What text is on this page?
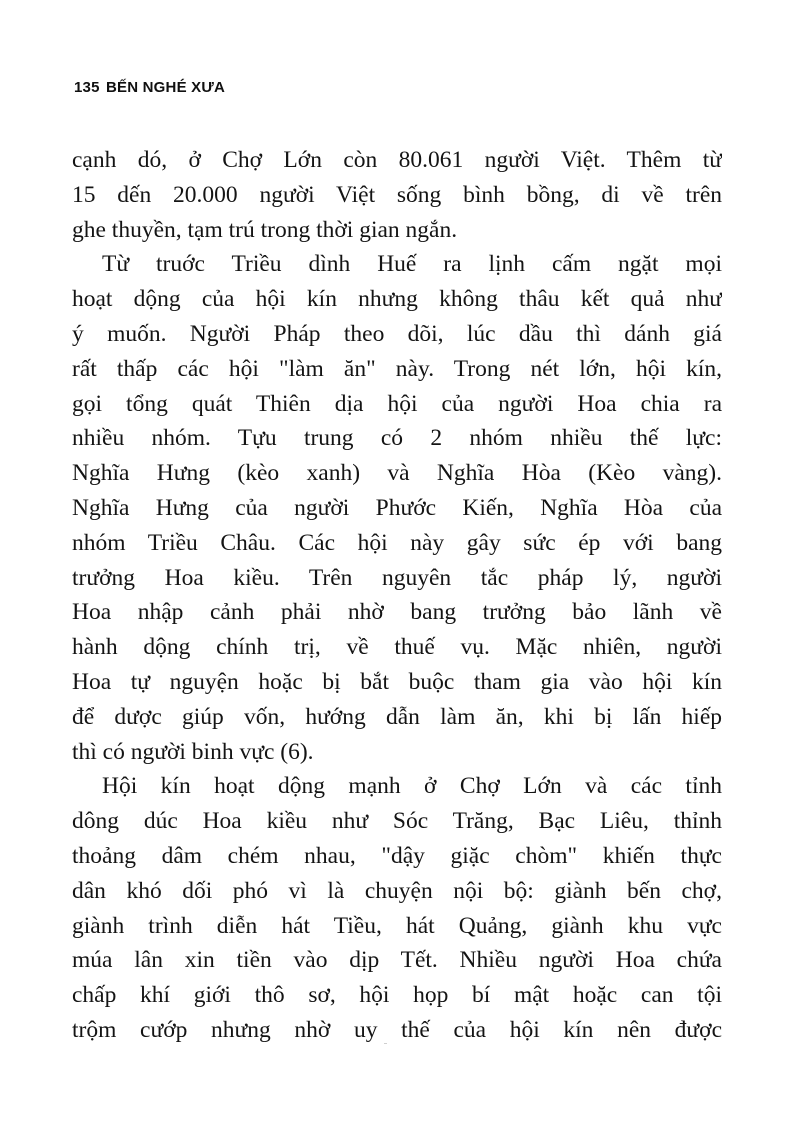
135 BẾN NGHÉ XƯA
cạnh dó, ở Chợ Lớn còn 80.061 người Việt. Thêm từ
15 dến 20.000 người Việt sống bình bồng, di về trên
ghe thuyền, tạm trú trong thời gian ngắn.
Từ truớc Triều dình Huế ra lịnh cấm ngặt mọi
hoạt dộng của hội kín nhưng không thâu kết quả như
ý muốn. Người Pháp theo dõi, lúc dầu thì dánh giá
rất thấp các hội "làm ăn" này. Trong nét lớn, hội kín,
gọi tổng quát Thiên dịa hội của người Hoa chia ra
nhiều nhóm. Tựu trung có 2 nhóm nhiều thế lực:
Nghĩa Hưng (kèo xanh) và Nghĩa Hòa (Kèo vàng).
Nghĩa Hưng của người Phước Kiến, Nghĩa Hòa của
nhóm Triều Châu. Các hội này gây sức ép với bang
trưởng Hoa kiều. Trên nguyên tắc pháp lý, người
Hoa nhập cảnh phải nhờ bang trưởng bảo lãnh về
hành dộng chính trị, về thuế vụ. Mặc nhiên, người
Hoa tự nguyện hoặc bị bắt buộc tham gia vào hội kín
để dược giúp vốn, hướng dẫn làm ăn, khi bị lấn hiếp
thì có người binh vực (6).
Hội kín hoạt dộng mạnh ở Chợ Lớn và các tỉnh
dông dúc Hoa kiều như Sóc Trăng, Bạc Liêu, thỉnh
thoảng dâm chém nhau, "dậy giặc chòm" khiến thực
dân khó dối phó vì là chuyện nội bộ: giành bến chợ,
giành trình diễn hát Tiều, hát Quảng, giành khu vực
múa lân xin tiền vào dịp Tết. Nhiều người Hoa chứa
chấp khí giới thô sơ, hội họp bí mật hoặc can tội
trộm cướp nhưng nhờ uy thế của hội kín nên được
